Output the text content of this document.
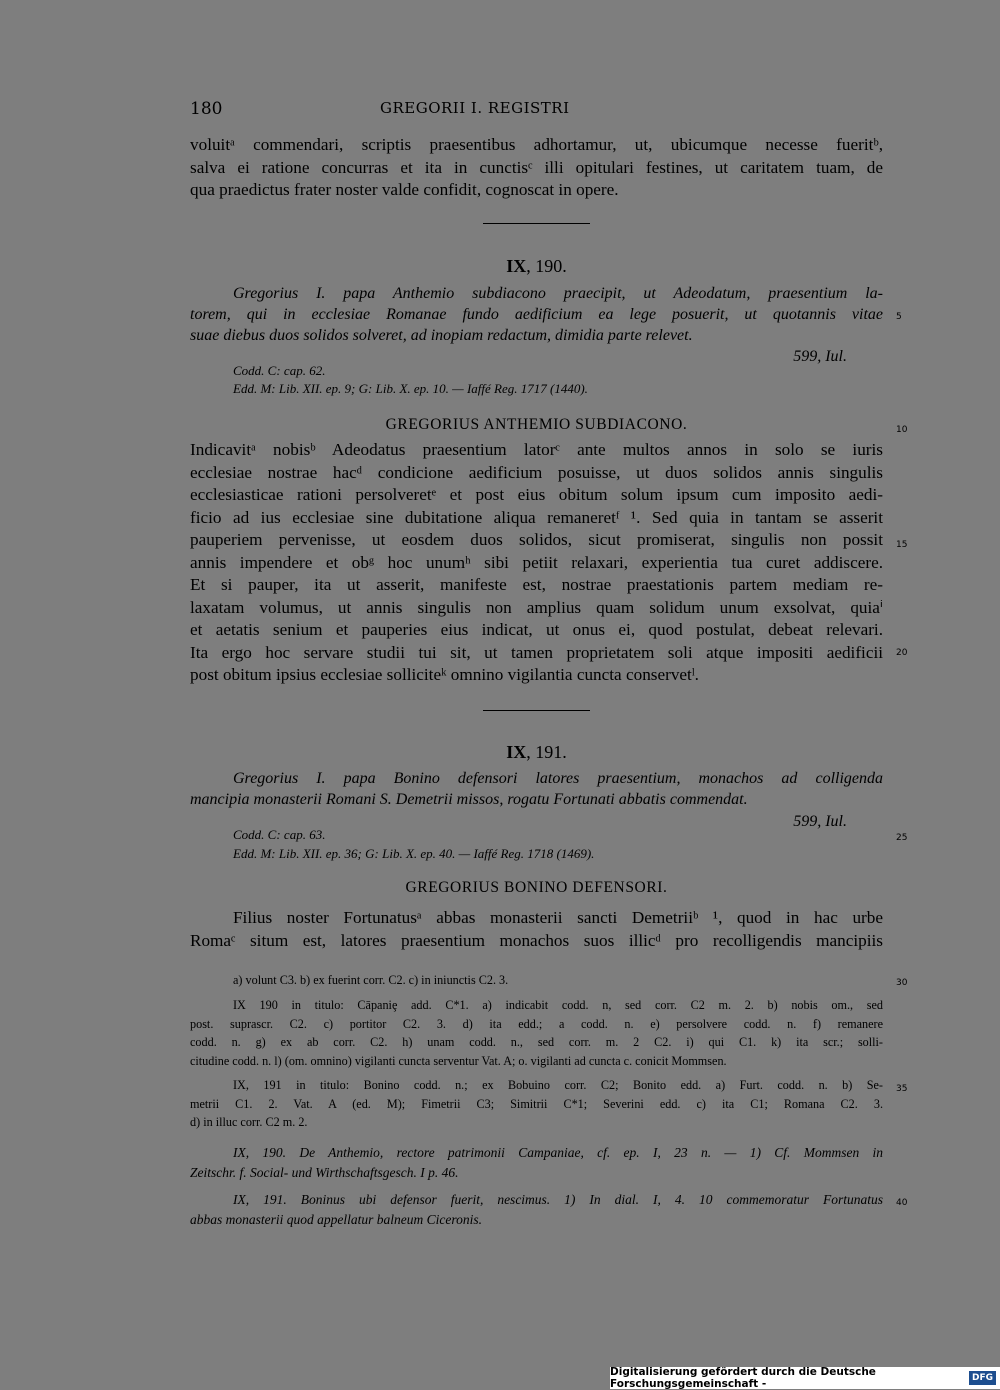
180	GREGORII I. REGISTRI
voluitᵃ commendari, scriptis praesentibus adhortamur, ut, ubicumque necesse fueritᵇ,
salva ei ratione concurras et ita in cunctisᶜ illi opitulari festines, ut caritatem tuam, de
qua praedictus frater noster valde confidit, cognoscat in opere.
IX, 190.
Gregorius I. papa Anthemio subdiacono praecipit, ut Adeodatum, praesentium la-
torem, qui in ecclesiae Romanae fundo aedificium ea lege posuerit, ut quotannis vitae
suae diebus duos solidos solveret, ad inopiam redactum, dimidia parte relevet.
599, Iul.
Codd. C: cap. 62.
Edd. M: Lib. XII. ep. 9; G: Lib. X. ep. 10. — Iaffé Reg. 1717 (1440).
GREGORIUS ANTHEMIO SUBDIACONO.
Indicavitᵃ nobisᵇ Adeodatus praesentium latorᶜ ante multos annos in solo se iuris
ecclesiae nostrae hacᵈ condicione aedificium posuisse, ut duos solidos annis singulis
ecclesiasticae rationi persolveretᵉ et post eius obitum solum ipsum cum imposito aedi-
ficio ad ius ecclesiae sine dubitatione aliqua remaneretᶠ ¹. Sed quia in tantam se asserit
pauperiem pervenisse, ut eosdem duos solidos, sicut promiserat, singulis non possit
annis impendere et obᵍ hoc unumʰ sibi petiit relaxari, experientia tua curet addiscere.
Et si pauper, ita ut asserit, manifeste est, nostrae praestationis partem mediam re-
laxatam volumus, ut annis singulis non amplius quam solidum unum exsolvat, quiaⁱ
et aetatis senium et pauperies eius indicat, ut onus ei, quod postulat, debeat relevari.
Ita ergo hoc servare studii tui sit, ut tamen proprietatem soli atque impositi aedificii
post obitum ipsius ecclesiae solliciteᵏ omnino vigilantia cuncta conservetˡ.
IX, 191.
Gregorius I. papa Bonino defensori latores praesentium, monachos ad colligenda
mancipia monasterii Romani S. Demetrii missos, rogatu Fortunati abbatis commendat.
599, Iul.
Codd. C: cap. 63.
Edd. M: Lib. XII. ep. 36; G: Lib. X. ep. 40. — Iaffé Reg. 1718 (1469).
GREGORIUS BONINO DEFENSORI.
Filius noster Fortunatusᵃ abbas monasterii sancti Demetriiᵇ ¹, quod in hac urbe
Romaᶜ situm est, latores praesentium monachos suos illicᵈ pro recolligendis mancipiis
5
10
15
20
25
30
35
40
a) volunt C3. b) ex fuerint corr. C2. c) in iniunctis C2. 3.
IX 190 in titulo: Cāpaniȩ add. C*1. a) indicabit codd. n, sed corr. C2 m. 2. b) nobis om., sed
post. suprascr. C2. c) portitor C2. 3. d) ita edd.; a codd. n. e) persolvere codd. n. f) remanere
codd. n. g) ex ab corr. C2. h) unam codd. n., sed corr. m. 2 C2. i) qui C1. k) ita scr.; solli-
citudine codd. n. l) (om. omnino) vigilanti cuncta serventur Vat. A; o. vigilanti ad cuncta c. conicit Mommsen.
IX, 191 in titulo: Bonino codd. n.; ex Bobuino corr. C2; Bonito edd. a) Furt. codd. n. b) Se-
metrii C1. 2. Vat. A (ed. M); Fimetrii C3; Simitrii C*1; Severini edd. c) ita C1; Romana C2. 3.
d) in illuc corr. C2 m. 2.
IX, 190. De Anthemio, rectore patrimonii Campaniae, cf. ep. I, 23 n. — 1) Cf. Mommsen in
Zeitschr. f. Social- und Wirthschaftsgesch. I p. 46.
IX, 191. Boninus ubi defensor fuerit, nescimus. 1) In dial. I, 4. 10 commemoratur Fortunatus
abbas monasterii quod appellatur balneum Ciceronis.
Digitalisierung gefördert durch die Deutsche Forschungsgemeinschaft -	DFG
